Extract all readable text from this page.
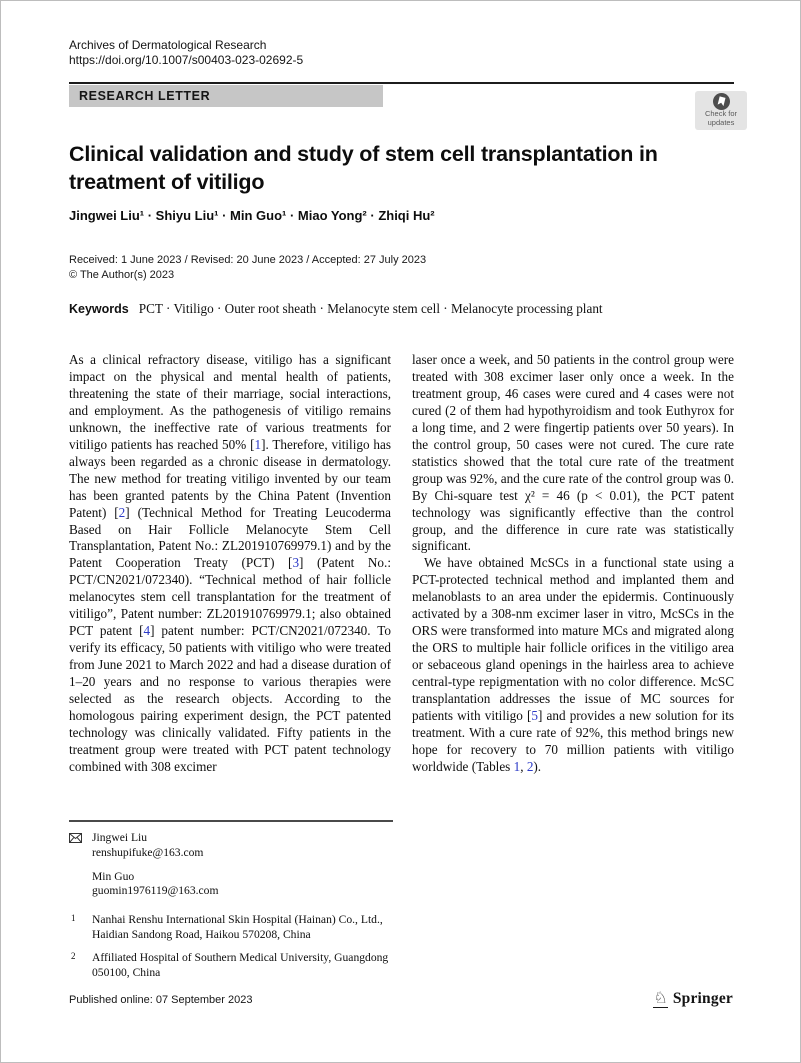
Archives of Dermatological Research
https://doi.org/10.1007/s00403-023-02692-5
RESEARCH LETTER
Check for
updates
Clinical validation and study of stem cell transplantation in treatment of vitiligo
Jingwei Liu¹ · Shiyu Liu¹ · Min Guo¹ · Miao Yong² · Zhiqi Hu²
Received: 1 June 2023 / Revised: 20 June 2023 / Accepted: 27 July 2023
© The Author(s) 2023
Keywords PCT · Vitiligo · Outer root sheath · Melanocyte stem cell · Melanocyte processing plant

As a clinical refractory disease, vitiligo has a significant impact on the physical and mental health of patients, threatening the state of their marriage, social interactions, and employment. As the pathogenesis of vitiligo remains unknown, the ineffective rate of various treatments for vitiligo patients has reached 50% [1]. Therefore, vitiligo has always been regarded as a chronic disease in dermatology. The new method for treating vitiligo invented by our team has been granted patents by the China Patent (Invention Patent) [2] (Technical Method for Treating Leucoderma Based on Hair Follicle Melanocyte Stem Cell Transplantation, Patent No.: ZL201910769979.1) and by the Patent Cooperation Treaty (PCT) [3] (Patent No.: PCT/CN2021/072340). “Technical method of hair follicle melanocytes stem cell transplantation for the treatment of vitiligo”, Patent number: ZL201910769979.1; also obtained PCT patent [4] patent number: PCT/CN2021/072340. To verify its efficacy, 50 patients with vitiligo who were treated from June 2021 to March 2022 and had a disease duration of 1–20 years and no response to various therapies were selected as the research objects. According to the homologous pairing experiment design, the PCT patented technology was clinically validated. Fifty patients in the treatment group were treated with PCT patent technology combined with 308 excimer

laser once a week, and 50 patients in the control group were treated with 308 excimer laser only once a week. In the treatment group, 46 cases were cured and 4 cases were not cured (2 of them had hypothyroidism and took Euthyrox for a long time, and 2 were fingertip patients over 50 years). In the control group, 50 cases were not cured. The cure rate statistics showed that the total cure rate of the treatment group was 92%, and the cure rate of the control group was 0. By Chi-square test χ² = 46 (p < 0.01), the PCT patent technology was significantly effective than the control group, and the difference in cure rate was statistically significant.

We have obtained McSCs in a functional state using a PCT-protected technical method and implanted them and melanoblasts to an area under the epidermis. Continuously activated by a 308-nm excimer laser in vitro, McSCs in the ORS were transformed into mature MCs and migrated along the ORS to multiple hair follicle orifices in the vitiligo area or sebaceous gland openings in the hairless area to achieve central-type repigmentation with no color difference. McSC transplantation addresses the issue of MC sources for patients with vitiligo [5] and provides a new solution for its treatment. With a cure rate of 92%, this method brings new hope for recovery to 70 million patients with vitiligo worldwide (Tables 1, 2).

Jingwei Liu
renshupifuke@163.com
Min Guo
guomin1976119@163.com
1 Nanhai Renshu International Skin Hospital (Hainan) Co., Ltd., Haidian Sandong Road, Haikou 570208, China
2 Affiliated Hospital of Southern Medical University, Guangdong 050100, China
Published online: 07 September 2023	♘ Springer
